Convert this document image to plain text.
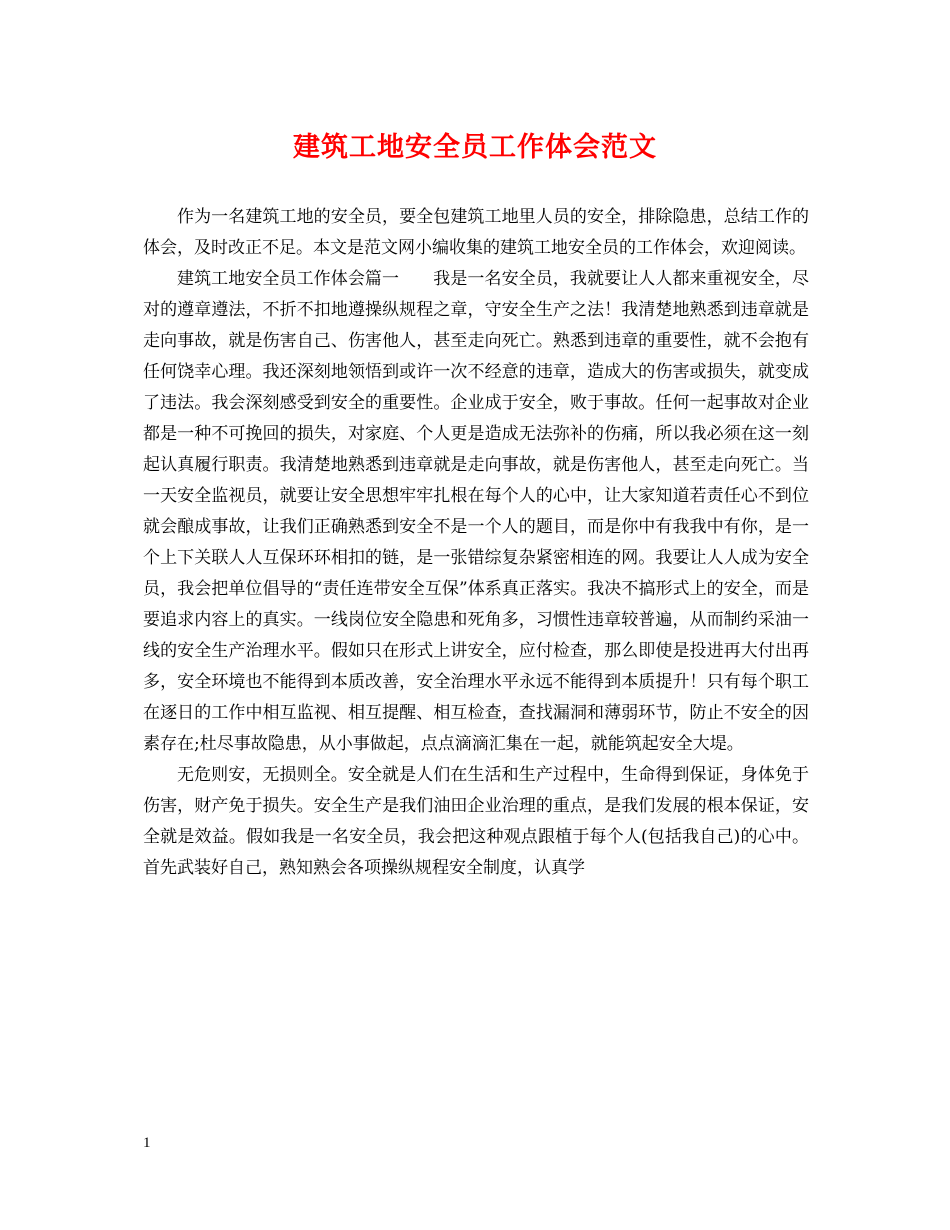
建筑工地安全员工作体会范文

作为一名建筑工地的安全员，要全包建筑工地里人员的安全，排除隐患，总结工作的体会，及时改正不足。本文是范文网小编收集的建筑工地安全员的工作体会，欢迎阅读。

建筑工地安全员工作体会篇一　　我是一名安全员，我就要让人人都来重视安全，尽对的遵章遵法，不折不扣地遵操纵规程之章，守安全生产之法！我清楚地熟悉到违章就是走向事故，就是伤害自己、伤害他人，甚至走向死亡。熟悉到违章的重要性，就不会抱有任何饶幸心理。我还深刻地领悟到或许一次不经意的违章，造成大的伤害或损失，就变成了违法。我会深刻感受到安全的重要性。企业成于安全，败于事故。任何一起事故对企业都是一种不可挽回的损失，对家庭、个人更是造成无法弥补的伤痛，所以我必须在这一刻起认真履行职责。我清楚地熟悉到违章就是走向事故，就是伤害他人，甚至走向死亡。当一天安全监视员，就要让安全思想牢牢扎根在每个人的心中，让大家知道若责任心不到位就会酿成事故，让我们正确熟悉到安全不是一个人的题目，而是你中有我我中有你，是一个上下关联人人互保环环相扣的链，是一张错综复杂紧密相连的网。我要让人人成为安全员，我会把单位倡导的“责任连带安全互保”体系真正落实。我决不搞形式上的安全，而是要追求内容上的真实。一线岗位安全隐患和死角多，习惯性违章较普遍，从而制约采油一线的安全生产治理水平。假如只在形式上讲安全，应付检查，那么即使是投进再大付出再多，安全环境也不能得到本质改善，安全治理水平永远不能得到本质提升！只有每个职工在逐日的工作中相互监视、相互提醒、相互检查，查找漏洞和薄弱环节，防止不安全的因素存在;杜尽事故隐患，从小事做起，点点滴滴汇集在一起，就能筑起安全大堤。

无危则安，无损则全。安全就是人们在生活和生产过程中，生命得到保证，身体免于伤害，财产免于损失。安全生产是我们油田企业治理的重点，是我们发展的根本保证，安全就是效益。假如我是一名安全员，我会把这种观点跟植于每个人(包括我自己)的心中。首先武装好自己，熟知熟会各项操纵规程安全制度，认真学

1
